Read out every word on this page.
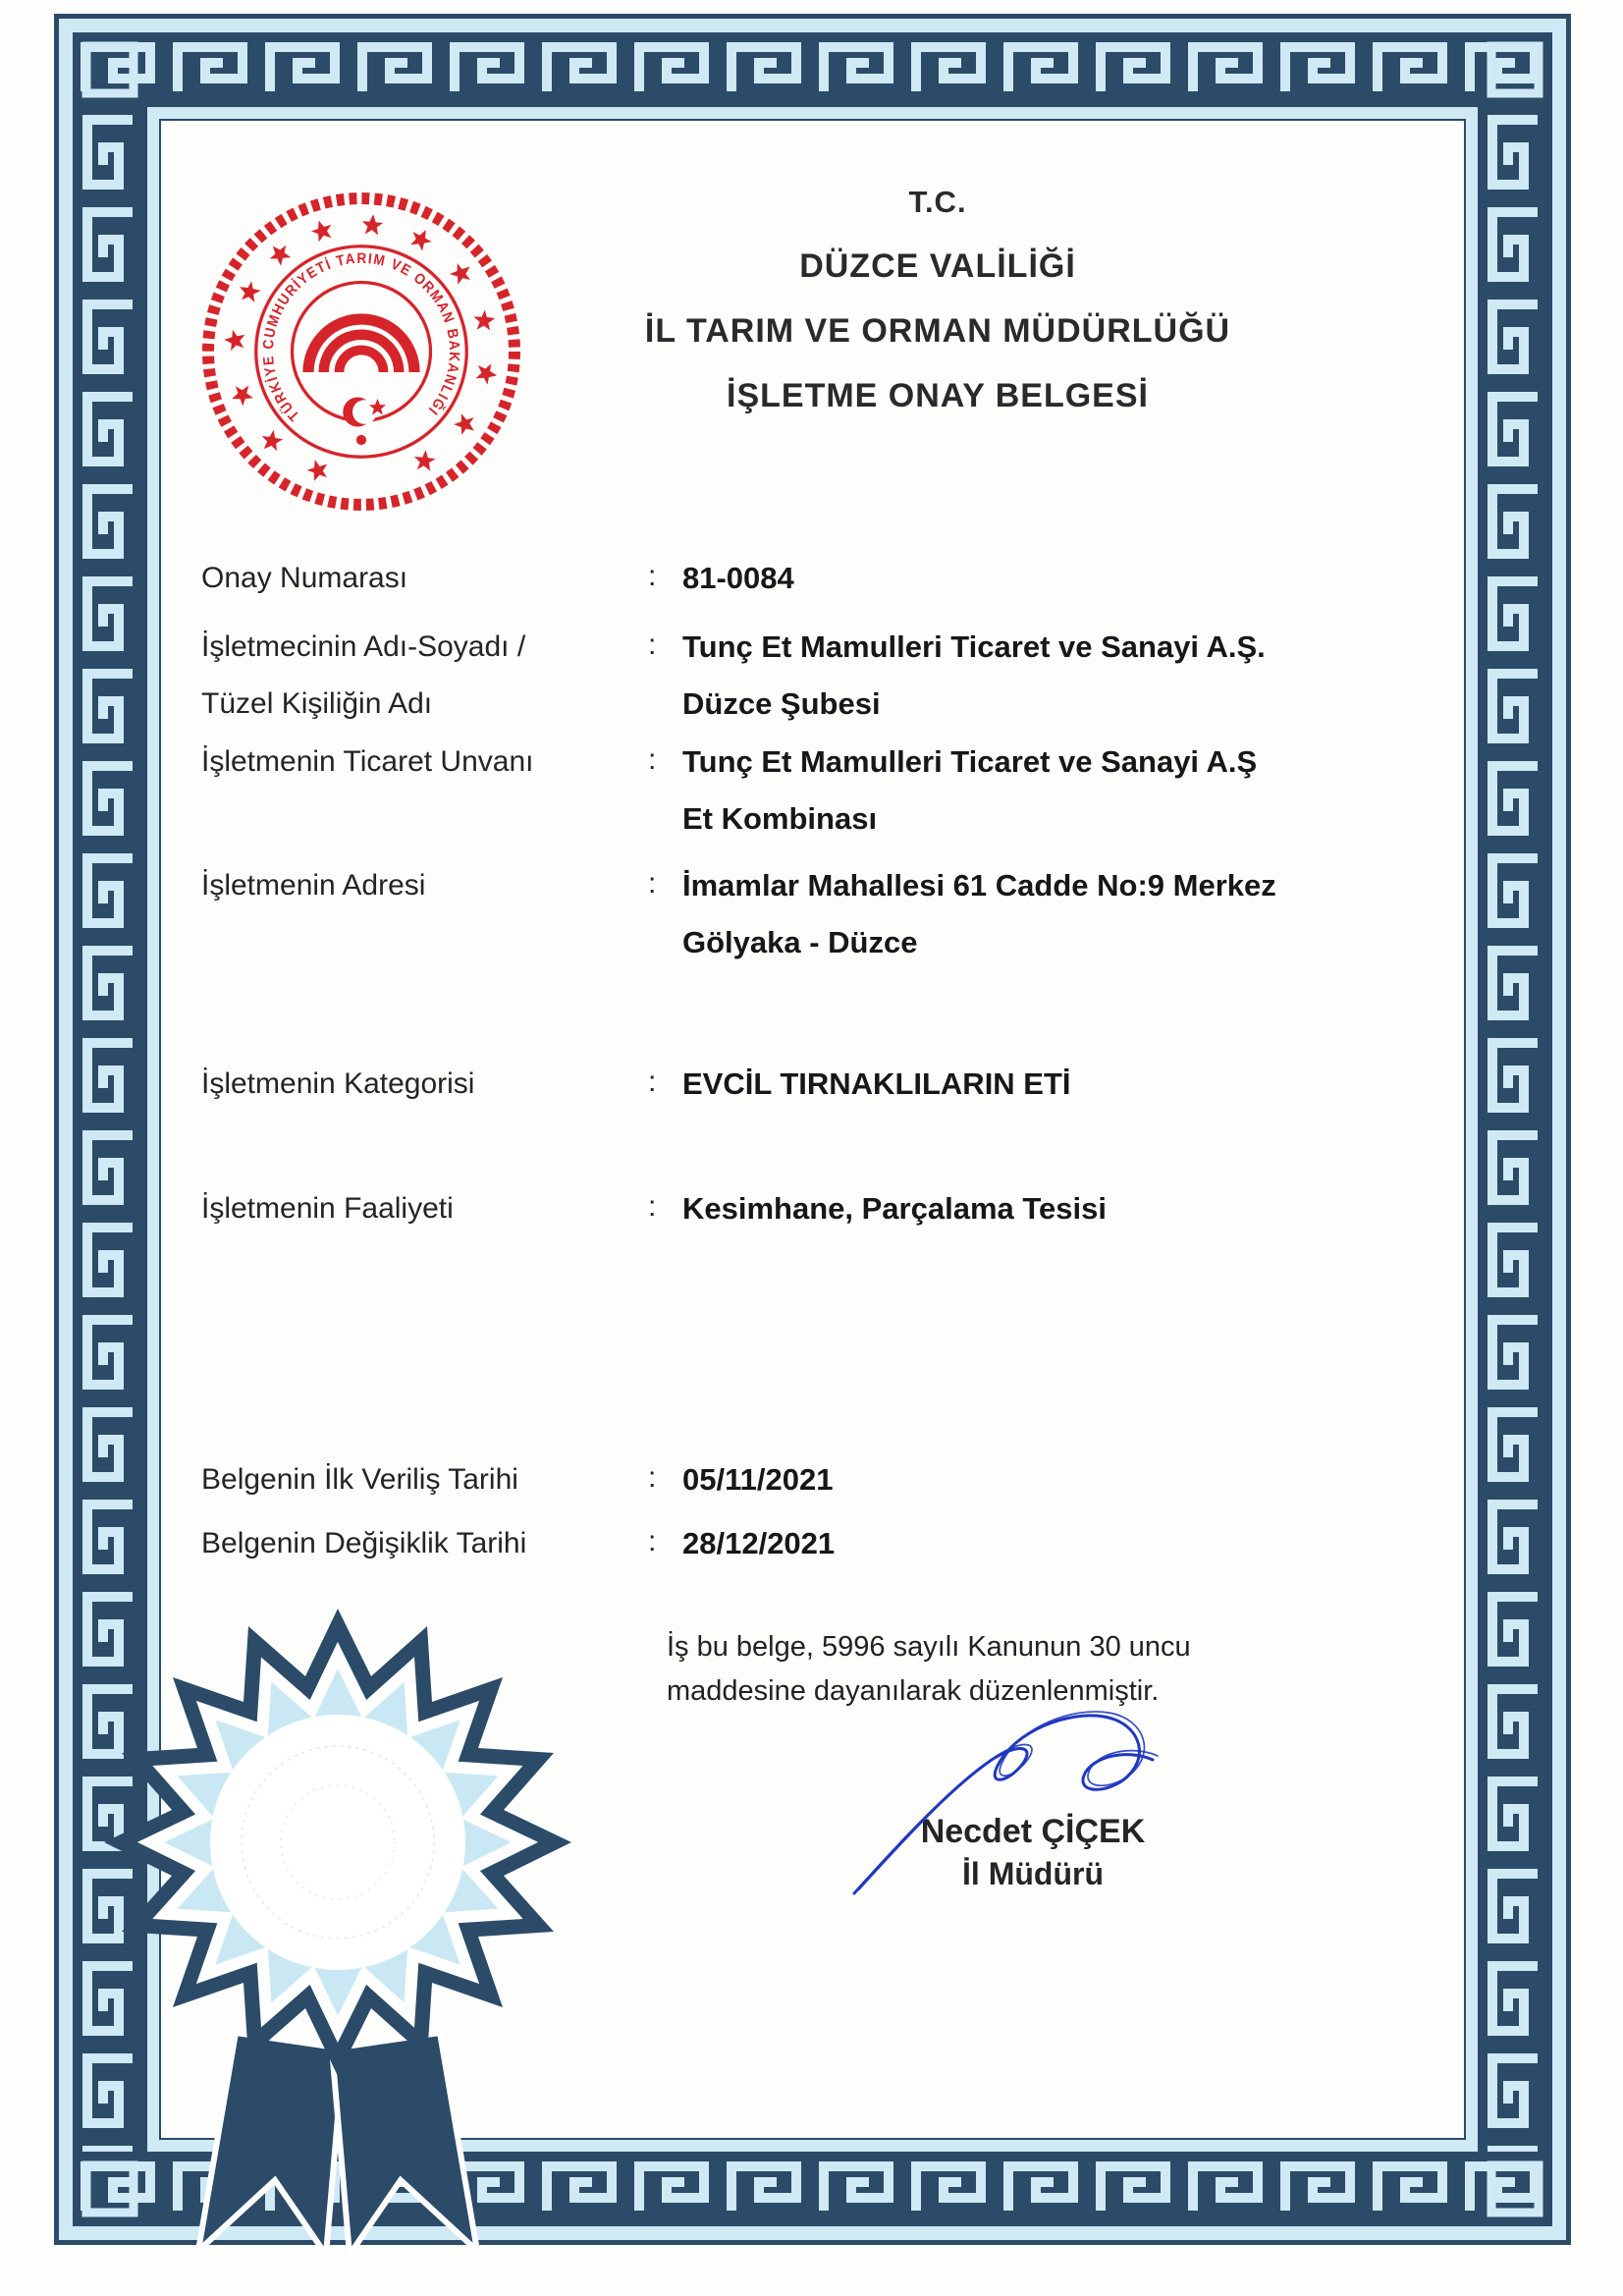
TÜRKİYE CUMHURİYETİ TARIM VE ORMAN BAKANLIĞI
T.C.
DÜZCE VALİLİĞİ
İL TARIM VE ORMAN MÜDÜRLÜĞÜ
İŞLETME ONAY BELGESİ
Onay Numarası	: 81-0084
İşletmecinin Adı-Soyadı /
Tüzel Kişiliğin Adı
: Tunç Et Mamulleri Ticaret ve Sanayi A.Ş.
Düzce Şubesi
İşletmenin Ticaret Unvanı	: Tunç Et Mamulleri Ticaret ve Sanayi A.Ş
Et Kombinası
İşletmenin Adresi	: İmamlar Mahallesi 61 Cadde No:9 Merkez
Gölyaka - Düzce
İşletmenin Kategorisi	: EVCİL TIRNAKLILARIN ETİ
İşletmenin Faaliyeti	: Kesimhane, Parçalama Tesisi
Belgenin İlk Veriliş Tarihi	: 05/11/2021
Belgenin Değişiklik Tarihi	: 28/12/2021
İş bu belge, 5996 sayılı Kanunun 30 uncu
maddesine dayanılarak düzenlenmiştir.
Necdet ÇİÇEK
İl Müdürü
